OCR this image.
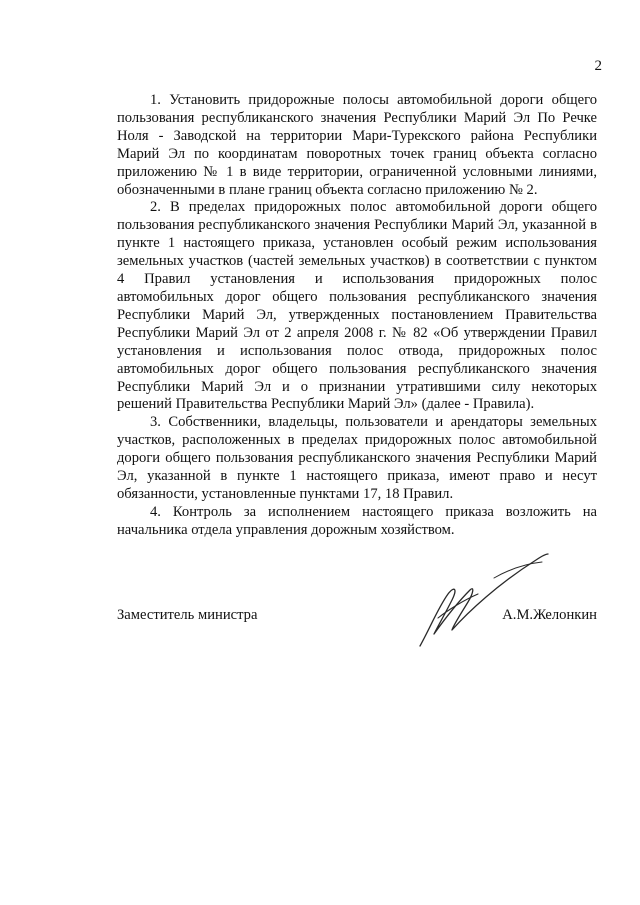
2

1. Установить придорожные полосы автомобильной дороги общего пользования республиканского значения Республики Марий Эл По Речке Ноля - Заводской на территории Мари-Турекского района Республики Марий Эл по координатам поворотных точек границ объекта согласно приложению № 1 в виде территории, ограниченной условными линиями, обозначенными в плане границ объекта согласно приложению № 2.

2. В пределах придорожных полос автомобильной дороги общего пользования республиканского значения Республики Марий Эл, указанной в пункте 1 настоящего приказа, установлен особый режим использования земельных участков (частей земельных участков) в соответствии с пунктом 4 Правил установления и использования придорожных полос автомобильных дорог общего пользования республиканского значения Республики Марий Эл, утвержденных постановлением Правительства Республики Марий Эл от 2 апреля 2008 г. № 82 «Об утверждении Правил установления и использования полос отвода, придорожных полос автомобильных дорог общего пользования республиканского значения Республики Марий Эл и о признании утратившими силу некоторых решений Правительства Республики Марий Эл» (далее - Правила).

3. Собственники, владельцы, пользователи и арендаторы земельных участков, расположенных в пределах придорожных полос автомобильной дороги общего пользования республиканского значения Республики Марий Эл, указанной в пункте 1 настоящего приказа, имеют право и несут обязанности, установленные пунктами 17, 18 Правил.

4. Контроль за исполнением настоящего приказа возложить на начальника отдела управления дорожным хозяйством.

Заместитель министра	А.М.Желонкин
